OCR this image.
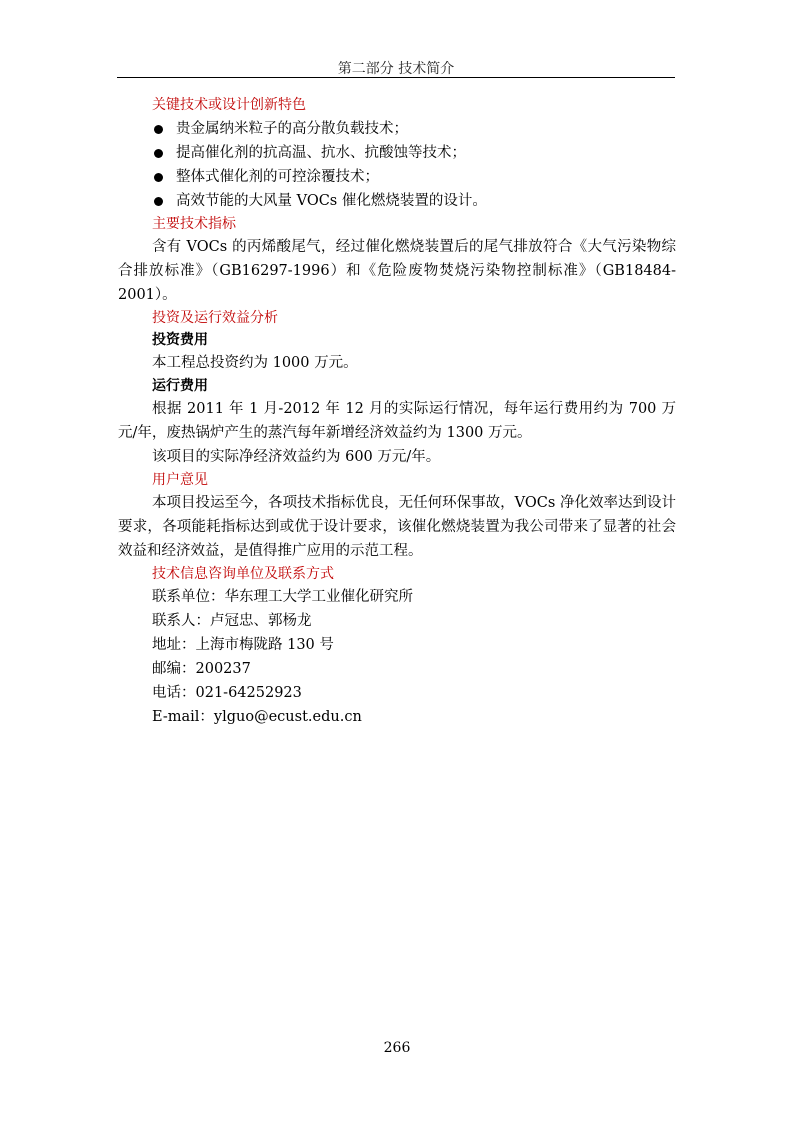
第二部分 技术简介
关键技术或设计创新特色
贵金属纳米粒子的高分散负载技术；
提高催化剂的抗高温、抗水、抗酸蚀等技术；
整体式催化剂的可控涂覆技术；
高效节能的大风量 VOCs 催化燃烧装置的设计。
主要技术指标

含有 VOCs 的丙烯酸尾气，经过催化燃烧装置后的尾气排放符合《大气污染物综合排放标准》（GB16297-1996）和《危险废物焚烧污染物控制标准》（GB18484-2001）。

投资及运行效益分析
投资费用

本工程总投资约为 1000 万元。

运行费用

根据 2011 年 1 月-2012 年 12 月的实际运行情况，每年运行费用约为 700 万元/年，废热锅炉产生的蒸汽每年新增经济效益约为 1300 万元。

该项目的实际净经济效益约为 600 万元/年。

用户意见

本项目投运至今，各项技术指标优良，无任何环保事故，VOCs 净化效率达到设计要求，各项能耗指标达到或优于设计要求，该催化燃烧装置为我公司带来了显著的社会效益和经济效益，是值得推广应用的示范工程。

技术信息咨询单位及联系方式
联系单位：华东理工大学工业催化研究所
联系人：卢冠忠、郭杨龙
地址：上海市梅陇路 130 号
邮编：200237
电话：021-64252923
E-mail：ylguo@ecust.edu.cn
266
